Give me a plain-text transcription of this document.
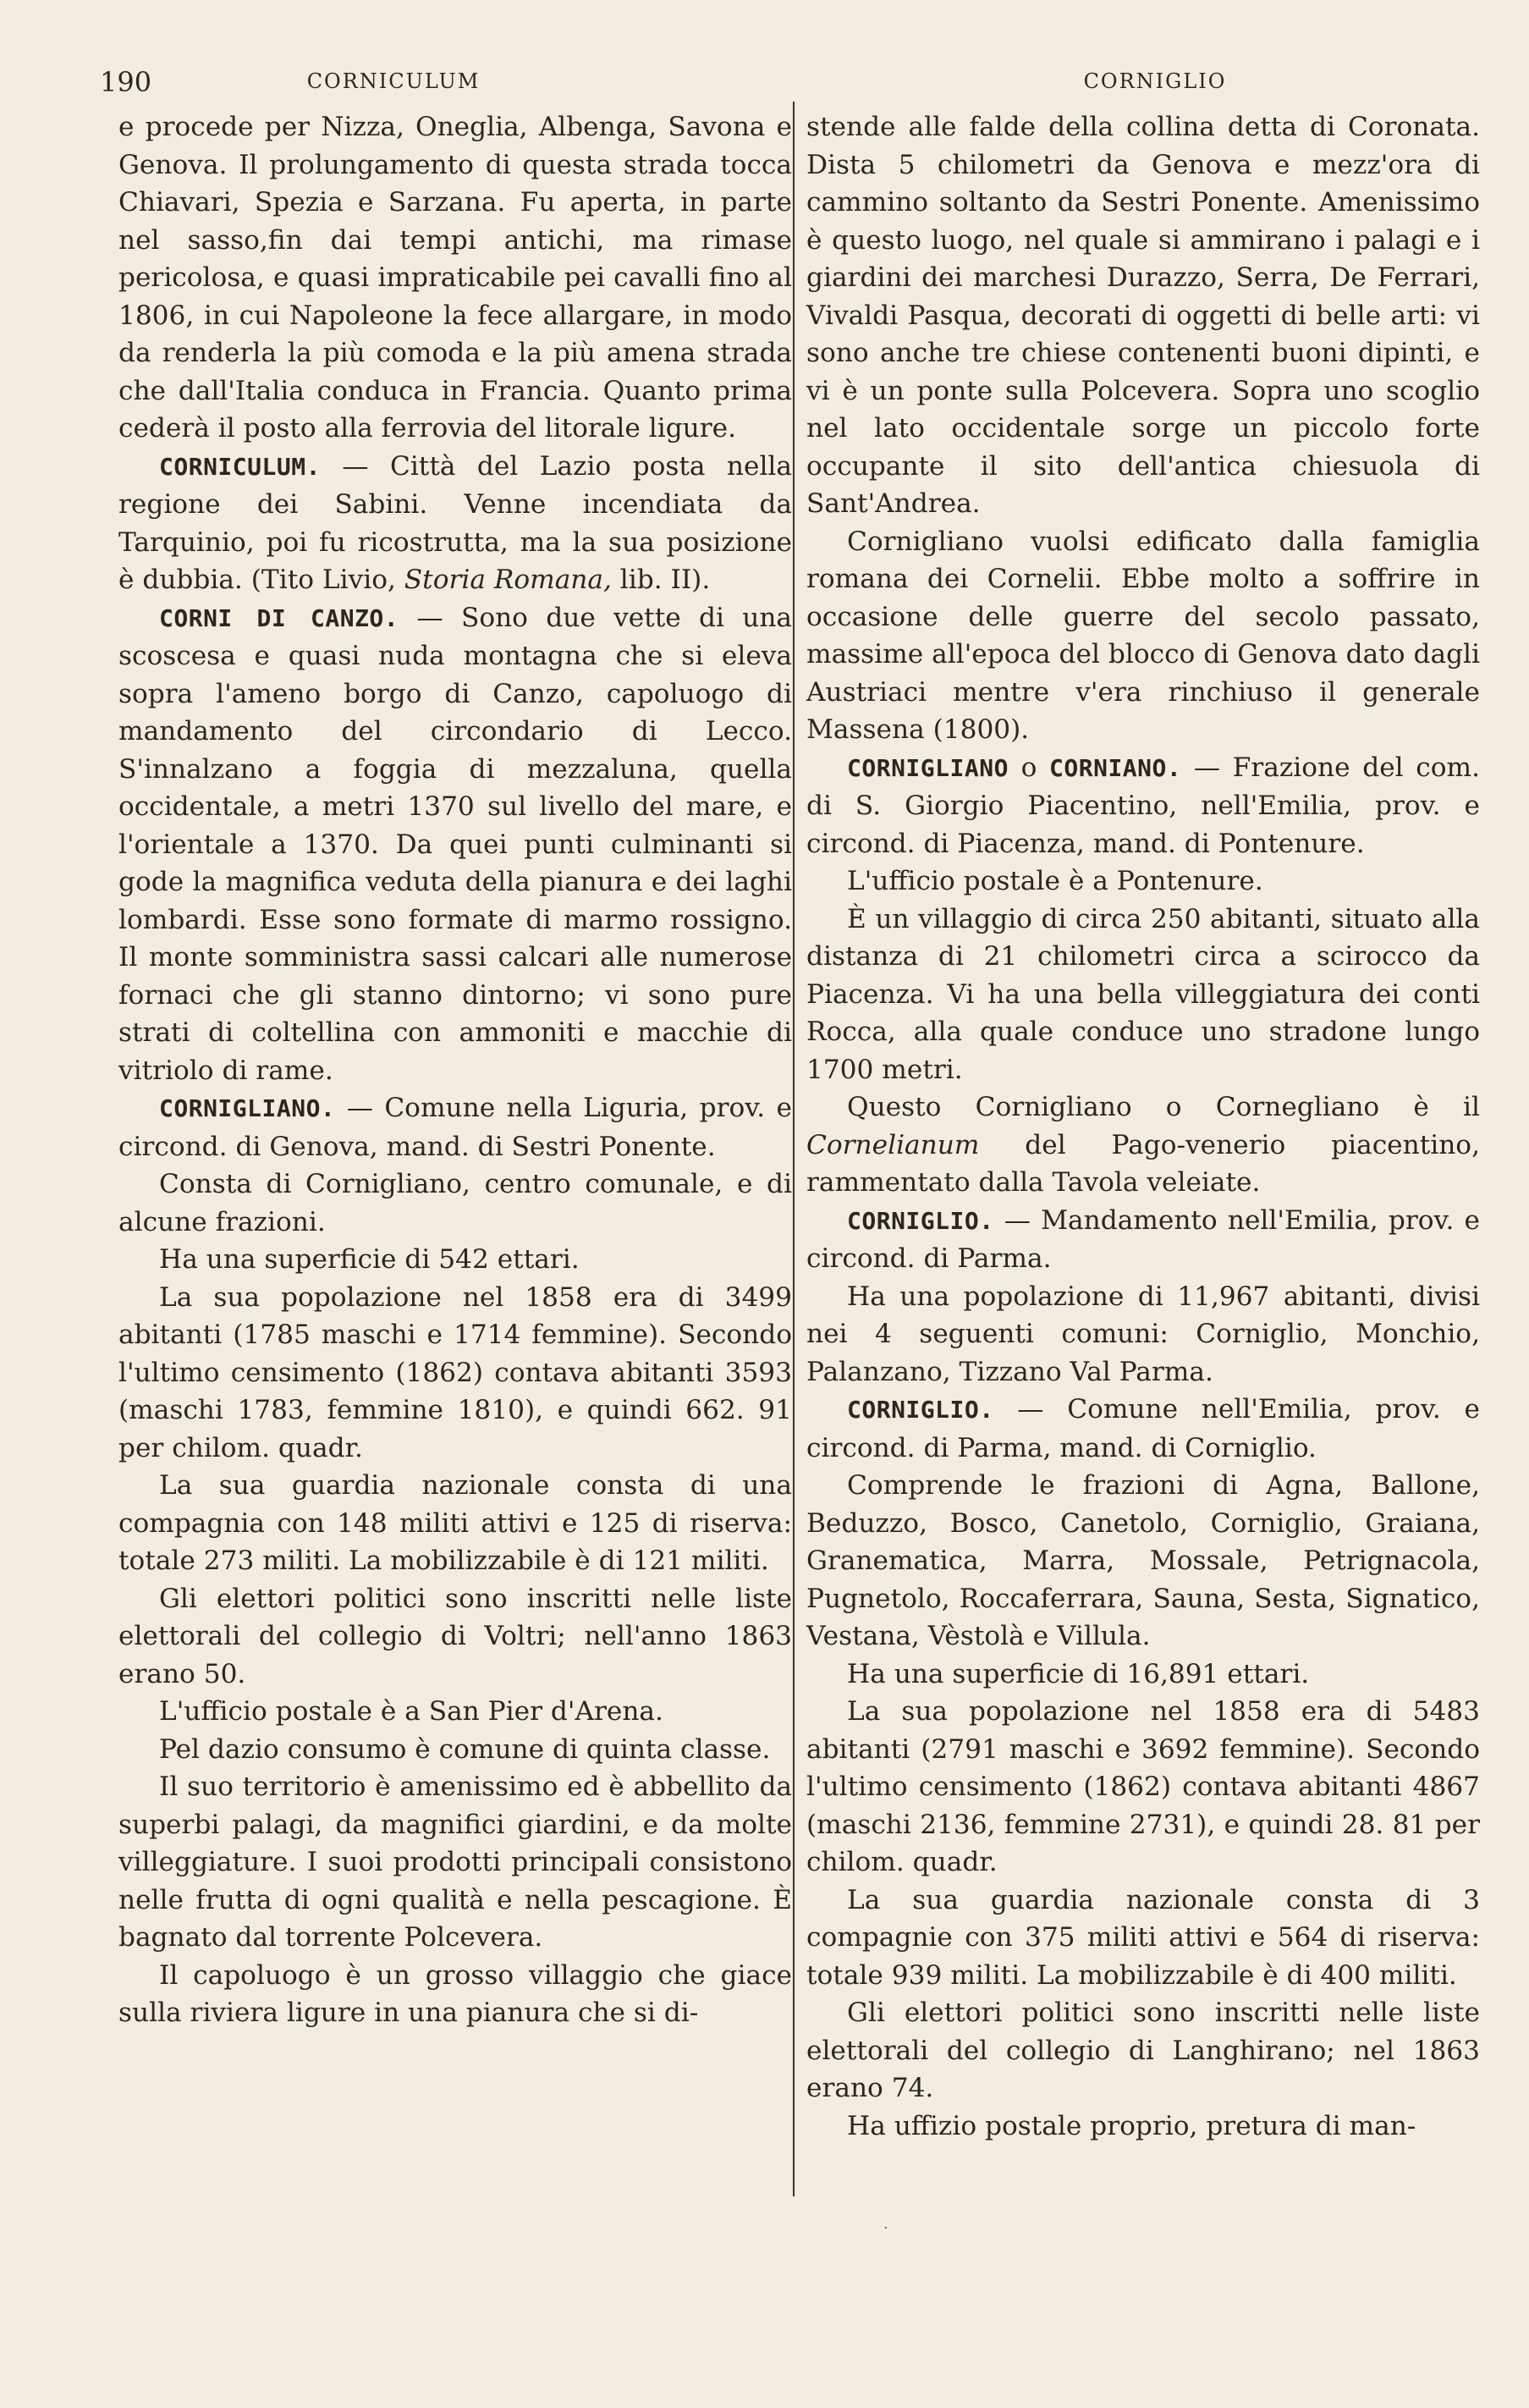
190	CORNICULUM	CORNIGLIO

e procede per Nizza, Oneglia, Albenga, Savona e Genova. Il prolungamento di questa strada tocca Chiavari, Spezia e Sarzana. Fu aperta, in parte nel sasso,fin dai tempi antichi, ma rimase pericolosa, e quasi impraticabile pei cavalli fino al 1806, in cui Napoleone la fece allargare, in modo da renderla la più comoda e la più amena strada che dall'Italia conduca in Francia. Quanto prima cederà il posto alla ferrovia del litorale ligure.

CORNICULUM. — Città del Lazio posta nella regione dei Sabini. Venne incendiata da Tarquinio, poi fu ricostrutta, ma la sua posizione è dubbia. (Tito Livio, Storia Romana, lib. II).

CORNI DI CANZO. — Sono due vette di una scoscesa e quasi nuda montagna che si eleva sopra l'ameno borgo di Canzo, capoluogo di mandamento del circondario di Lecco. S'innalzano a foggia di mezzaluna, quella occidentale, a metri 1370 sul livello del mare, e l'orientale a 1370. Da quei punti culminanti si gode la magnifica veduta della pianura e dei laghi lombardi. Esse sono formate di marmo rossigno. Il monte somministra sassi calcari alle numerose fornaci che gli stanno dintorno; vi sono pure strati di coltellina con ammoniti e macchie di vitriolo di rame.

CORNIGLIANO. — Comune nella Liguria, prov. e circond. di Genova, mand. di Sestri Ponente.

Consta di Cornigliano, centro comunale, e di alcune frazioni.

Ha una superficie di 542 ettari.

La sua popolazione nel 1858 era di 3499 abitanti (1785 maschi e 1714 femmine). Secondo l'ultimo censimento (1862) contava abitanti 3593 (maschi 1783, femmine 1810), e quindi 662. 91 per chilom. quadr.

La sua guardia nazionale consta di una compagnia con 148 militi attivi e 125 di riserva: totale 273 militi. La mobilizzabile è di 121 militi.

Gli elettori politici sono inscritti nelle liste elettorali del collegio di Voltri; nell'anno 1863 erano 50.

L'ufficio postale è a San Pier d'Arena.

Pel dazio consumo è comune di quinta classe.

Il suo territorio è amenissimo ed è abbellito da superbi palagi, da magnifici giardini, e da molte villeggiature. I suoi prodotti principali consistono nelle frutta di ogni qualità e nella pescagione. È bagnato dal torrente Polcevera.

Il capoluogo è un grosso villaggio che giace sulla riviera ligure in una pianura che si di-

stende alle falde della collina detta di Coronata. Dista 5 chilometri da Genova e mezz'ora di cammino soltanto da Sestri Ponente. Amenissimo è questo luogo, nel quale si ammirano i palagi e i giardini dei marchesi Durazzo, Serra, De Ferrari, Vivaldi Pasqua, decorati di oggetti di belle arti: vi sono anche tre chiese contenenti buoni dipinti, e vi è un ponte sulla Polcevera. Sopra uno scoglio nel lato occidentale sorge un piccolo forte occupante il sito dell'antica chiesuola di Sant'Andrea.

Cornigliano vuolsi edificato dalla famiglia romana dei Cornelii. Ebbe molto a soffrire in occasione delle guerre del secolo passato, massime all'epoca del blocco di Genova dato dagli Austriaci mentre v'era rinchiuso il generale Massena (1800).

CORNIGLIANO o CORNIANO. — Frazione del com. di S. Giorgio Piacentino, nell'Emilia, prov. e circond. di Piacenza, mand. di Pontenure.

L'ufficio postale è a Pontenure.

È un villaggio di circa 250 abitanti, situato alla distanza di 21 chilometri circa a scirocco da Piacenza. Vi ha una bella villeggiatura dei conti Rocca, alla quale conduce uno stradone lungo 1700 metri.

Questo Cornigliano o Cornegliano è il Cornelianum del Pago-venerio piacentino, rammentato dalla Tavola veleiate.

CORNIGLIO. — Mandamento nell'Emilia, prov. e circond. di Parma.

Ha una popolazione di 11,967 abitanti, divisi nei 4 seguenti comuni: Corniglio, Monchio, Palanzano, Tizzano Val Parma.

CORNIGLIO. — Comune nell'Emilia, prov. e circond. di Parma, mand. di Corniglio.

Comprende le frazioni di Agna, Ballone, Beduzzo, Bosco, Canetolo, Corniglio, Graiana, Granematica, Marra, Mossale, Petrignacola, Pugnetolo, Roccaferrara, Sauna, Sesta, Signatico, Vestana, Vèstolà e Villula.

Ha una superficie di 16,891 ettari.

La sua popolazione nel 1858 era di 5483 abitanti (2791 maschi e 3692 femmine). Secondo l'ultimo censimento (1862) contava abitanti 4867 (maschi 2136, femmine 2731), e quindi 28. 81 per chilom. quadr.

La sua guardia nazionale consta di 3 compagnie con 375 militi attivi e 564 di riserva: totale 939 militi. La mobilizzabile è di 400 militi.

Gli elettori politici sono inscritti nelle liste elettorali del collegio di Langhirano; nel 1863 erano 74.

Ha uffizio postale proprio, pretura di man-

·
